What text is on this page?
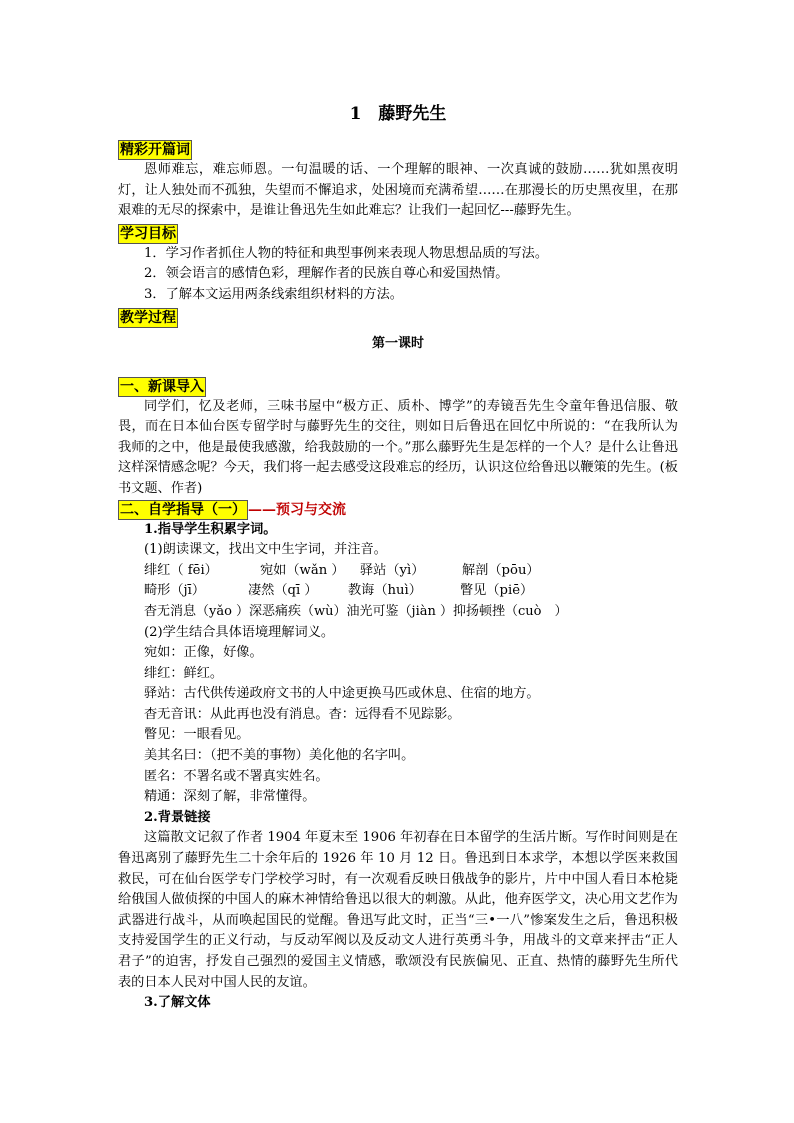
1　藤野先生
精彩开篇词

恩师难忘，难忘师恩。一句温暖的话、一个理解的眼神、一次真诚的鼓励……犹如黑夜明灯，让人独处而不孤独，失望而不懈追求，处困境而充满希望……在那漫长的历史黑夜里，在那艰难的无尽的探索中，是谁让鲁迅先生如此难忘？让我们一起回忆---藤野先生。

学习目标

1．学习作者抓住人物的特征和典型事例来表现人物思想品质的写法。

2．领会语言的感情色彩，理解作者的民族自尊心和爱国热情。

3．了解本文运用两条线索组织材料的方法。

教学过程
第一课时
一、新课导入

同学们，忆及老师，三味书屋中“极方正、质朴、博学”的寿镜吾先生令童年鲁迅信服、敬畏，而在日本仙台医专留学时与藤野先生的交往，则如日后鲁迅在回忆中所说的：“在我所认为我师的之中，他是最使我感激，给我鼓励的一个。”那么藤野先生是怎样的一个人？是什么让鲁迅这样深情感念呢？今天，我们将一起去感受这段难忘的经历，认识这位给鲁迅以鞭策的先生。(板书文题、作者)

二、自学指导（一） ——预习与交流

1.指导学生积累字词。

(1)朗读课文，找出文中生字词，并注音。

绯红（ fēi）	宛如（wǎn ）	驿站（yì）	解剖（pōu）
畸形（jī）	凄然（qī ）	教诲（huì）	瞥见（piē）

杳无消息（yǎo ）深恶痛疾（wù）油光可鉴（jiàn ）抑扬顿挫（cuò　）

(2)学生结合具体语境理解词义。

宛如：正像，好像。

绯红：鲜红。

驿站：古代供传递政府文书的人中途更换马匹或休息、住宿的地方。

杳无音讯：从此再也没有消息。杳：远得看不见踪影。

瞥见：一眼看见。

美其名曰：（把不美的事物）美化他的名字叫。

匿名：不署名或不署真实姓名。

精通：深刻了解，非常懂得。

2.背景链接

这篇散文记叙了作者 1904 年夏末至 1906 年初春在日本留学的生活片断。写作时间则是在鲁迅离别了藤野先生二十余年后的 1926 年 10 月 12 日。鲁迅到日本求学，本想以学医来救国救民，可在仙台医学专门学校学习时，有一次观看反映日俄战争的影片，片中中国人看日本枪毙给俄国人做侦探的中国人的麻木神情给鲁迅以很大的刺激。从此，他弃医学文，决心用文艺作为武器进行战斗，从而唤起国民的觉醒。鲁迅写此文时，正当“三•一八”惨案发生之后，鲁迅积极支持爱国学生的正义行动，与反动军阀以及反动文人进行英勇斗争，用战斗的文章来抨击“正人君子”的迫害，抒发自己强烈的爱国主义情感，歌颂没有民族偏见、正直、热情的藤野先生所代表的日本人民对中国人民的友谊。

3.了解文体
